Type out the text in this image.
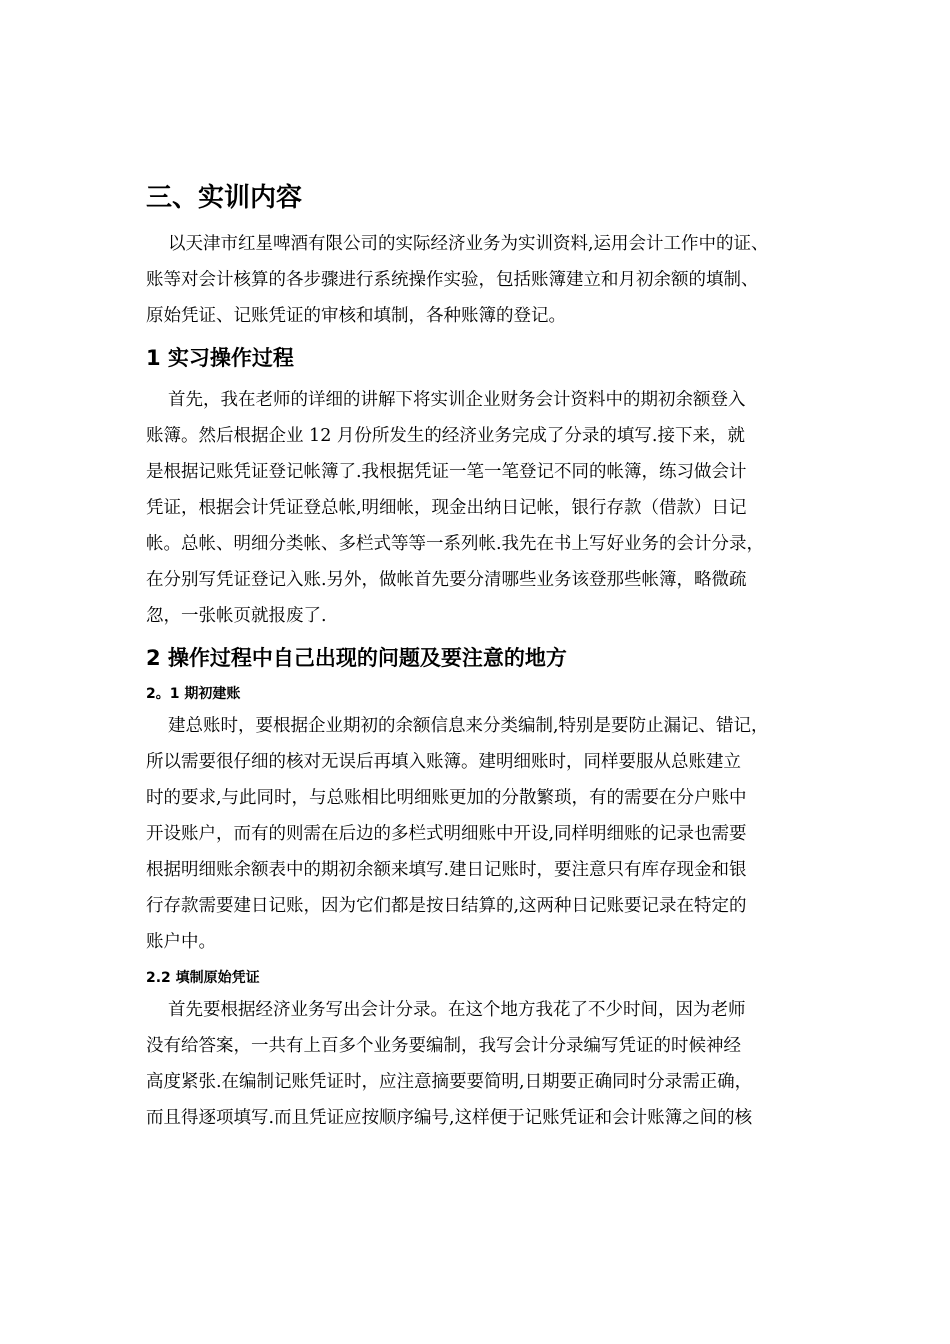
三、实训内容
以天津市红星啤酒有限公司的实际经济业务为实训资料,运用会计工作中的证、
账等对会计核算的各步骤进行系统操作实验，包括账簿建立和月初余额的填制、
原始凭证、记账凭证的审核和填制，各种账簿的登记。
1 实习操作过程
首先，我在老师的详细的讲解下将实训企业财务会计资料中的期初余额登入
账簿。然后根据企业 12 月份所发生的经济业务完成了分录的填写.接下来，就
是根据记账凭证登记帐簿了.我根据凭证一笔一笔登记不同的帐簿，练习做会计
凭证，根据会计凭证登总帐,明细帐，现金出纳日记帐，银行存款（借款）日记
帐。总帐、明细分类帐、多栏式等等一系列帐.我先在书上写好业务的会计分录，
在分别写凭证登记入账.另外，做帐首先要分清哪些业务该登那些帐簿，略微疏
忽，一张帐页就报废了.
2 操作过程中自己出现的问题及要注意的地方
2。1 期初建账
建总账时，要根据企业期初的余额信息来分类编制,特别是要防止漏记、错记，
所以需要很仔细的核对无误后再填入账簿。建明细账时，同样要服从总账建立
时的要求,与此同时，与总账相比明细账更加的分散繁琐，有的需要在分户账中
开设账户，而有的则需在后边的多栏式明细账中开设,同样明细账的记录也需要
根据明细账余额表中的期初余额来填写.建日记账时，要注意只有库存现金和银
行存款需要建日记账，因为它们都是按日结算的,这两种日记账要记录在特定的
账户中。
2.2 填制原始凭证
首先要根据经济业务写出会计分录。在这个地方我花了不少时间，因为老师
没有给答案，一共有上百多个业务要编制，我写会计分录编写凭证的时候神经
高度紧张.在编制记账凭证时，应注意摘要要简明,日期要正确同时分录需正确，
而且得逐项填写.而且凭证应按顺序编号,这样便于记账凭证和会计账簿之间的核
